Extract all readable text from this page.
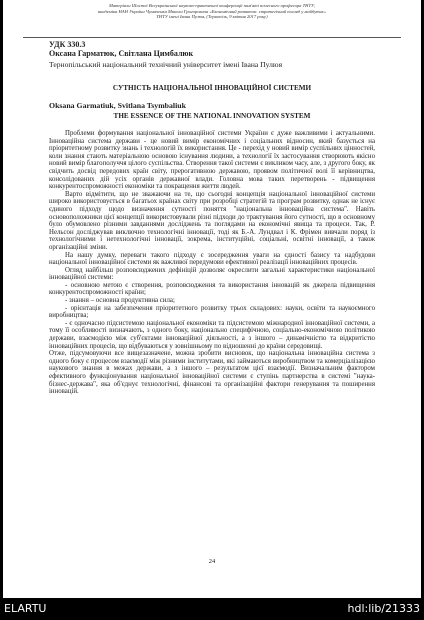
Матеріали Шостої Всеукраїнської науково-практичної конференції пам'яті почесного професора ТНТУ,
академіка НАН України Чумаченка Миколи Григоровича «Економічний розвиток: стратегічний погляд у майбутнє»
ТНТУ імені Івана Пулюя, (Тернопіль, 9 квітня 2017 року)
УДК 330.3
Оксана Гарматюк, Світлана Цимбалюк
Тернопільський національний технічний університет імені Івана Пулюя
СУТНІСТЬ НАЦІОНАЛЬНОЇ ІННОВАЦІЙНОЇ СИСТЕМИ
Oksana Garmatiuk, Svitlana Tsymbaliuk
THE ESSENCE OF THE NATIONAL INNOVATION SYSTEM

Проблеми формування національної інноваційної системи України є дуже важливими і актуальними. Інноваційна система держави - це новий вимір економічних і соціальних відносин, який базується на пріоритетному розвитку знань і технологій їх використання. Це - перехід у новий вимір суспільних цінностей, коли знання стають матеріальною основою існування людини, а технології їх застосування створюють якісно новий вимір благополуччя цілого суспільства. Створення такої системи є викликом часу, але, з другого боку, як свідчить досвід передових країн світу, прерогативною державою, проявом політичної волі її керівництва, консолідованих дій усіх органів державної влади. Головна мова таких перетворень - підвищення конкурентоспроможності економіки та покращення життя людей.

Варто відмітити, що не зважаючи на те, що сьогодні концепція національної інноваційної системи широко використовується в багатьох країнах світу при розробці стратегій та програм розвитку, однак не існує єдиного підходу щодо визначення сутності поняття "національна інноваційна система". Навіть основоположники цієї концепції використовували різні підходи до трактування його сутності, що в основному було обумовлено різними завданнями досліджень та поглядами на економічні явища та процеси. Так, Р. Нельсон досліджував виключно технологічні інновації, тоді як Б.-А. Лундвал і К. Фрімен вивчали поряд із технологічними і нетехнологічні інновації, зокрема, інституційні, соціальні, освітні інновації, а також організаційні зміни.

На нашу думку, переваги такого підходу є зосередження уваги на єдності базису та надбудови національної інноваційної системи як важливої передумови ефективної реалізації інноваційних процесів.

Огляд найбільш розповсюджених дефініцій дозволяє окреслити загальні характеристики національної інноваційної системи:

- основною метою є створення, розповсюдження та використання інновацій як джерела підвищення конкурентоспроможності країни;

- знання – основна продуктивна сила;

- орієнтація на забезпечення пріоритетного розвитку трьох складових: науки, освіти та наукоємного виробництва;

- є одночасно підсистемою національної економіки та підсистемою міжнародної інноваційної системи, а тому її особливості визначають, з одного боку, національно специфічною, соціально-економічною політикою держави, взаємодією між суб'єктами інноваційної діяльності, а з іншого – динамічністю та відкритістю інноваційних процесів, що відбуваються у зовнішньому по відношенні до країни середовищі.

Отже, підсумовуючи все вищезазначене, можна зробити висновок, що національна інноваційна система з одного боку є процесом взаємодії між різними інститутами, які займаються виробництвом та комерціалізацією наукового знання в межах держави, а з іншого – результатом цієї взаємодії. Визначальним фактором ефективного функціонування національної інноваційної системи є ступінь партнерства в системі "наука-бізнес-держава", яка об'єднує технологічні, фінансові та організаційні фактори генерування та поширення інновацій.

24
ELARTU	hdl:lib/21333
